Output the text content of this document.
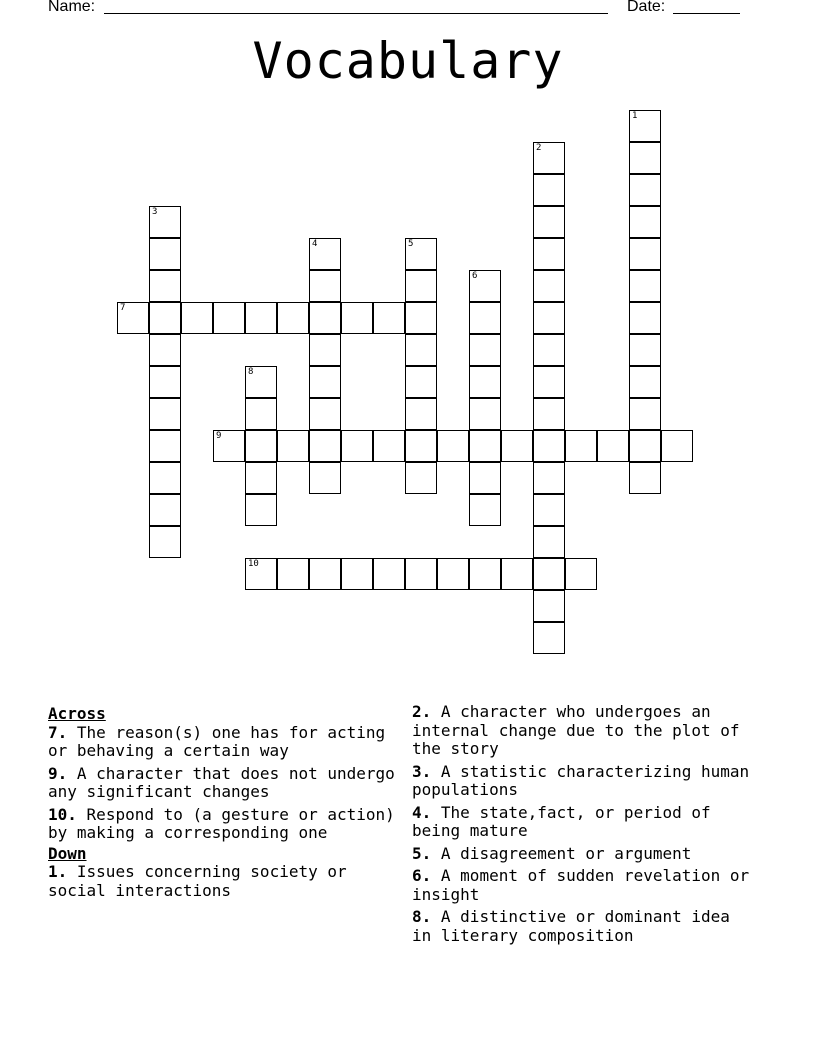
Name:	Date:
Vocabulary
1
2
3
4	5
6
7
8
9
10
Across
7. The reason(s) one has for acting or behaving a certain way
9. A character that does not undergo any significant changes
10. Respond to (a gesture or action) by making a corresponding one
Down
1. Issues concerning society or social interactions
2. A character who undergoes an internal change due to the plot of the story
3. A statistic characterizing human populations
4. The state,fact, or period of being mature
5. A disagreement or argument
6. A moment of sudden revelation or insight
8. A distinctive or dominant idea in literary composition
